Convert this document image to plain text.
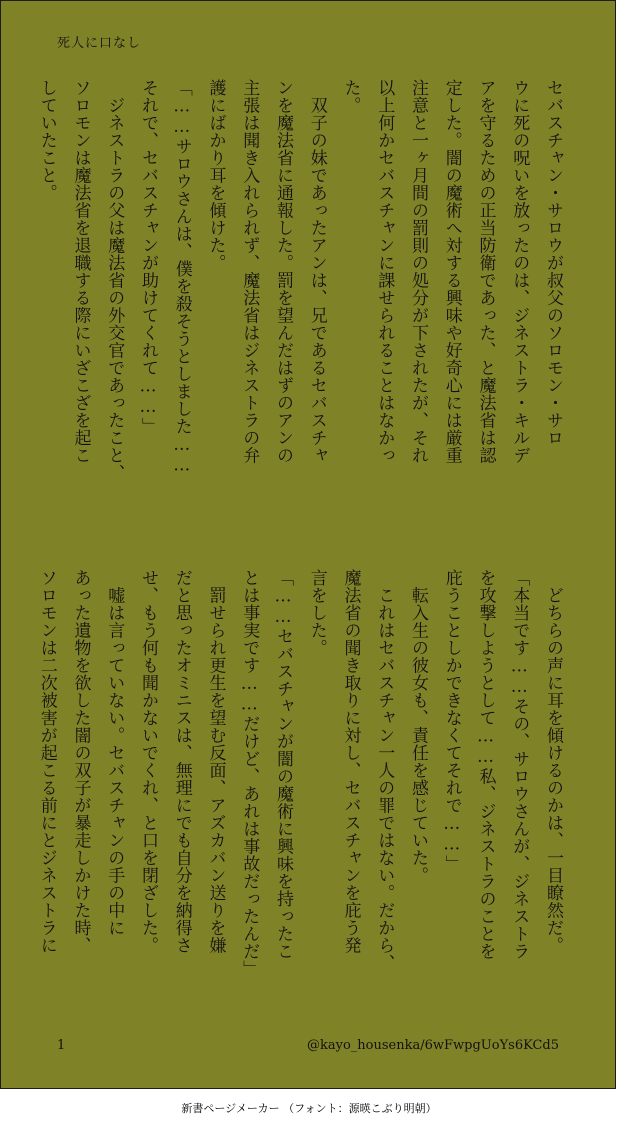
死人に口なし
セバスチャン・サロウが叔父のソロモン・サロ
ウに死の呪いを放ったのは、ジネストラ・キルデ
アを守るための正当防衛であった、と魔法省は認
定した。闇の魔術へ対する興味や好奇心には厳重
注意と一ヶ月間の罰則の処分が下されたが、それ
以上何かセバスチャンに課せられることはなかっ
た。
　双子の妹であったアンは、兄であるセバスチャ
ンを魔法省に通報した。罰を望んだはずのアンの
主張は聞き入れられず、魔法省はジネストラの弁
護にばかり耳を傾けた。
「……サロウさんは、僕を殺そうとしました……
それで、セバスチャンが助けてくれて……」
　ジネストラの父は魔法省の外交官であったこと、
ソロモンは魔法省を退職する際にいざこざを起こ
していたこと。
　どちらの声に耳を傾けるのかは、一目瞭然だ。
「本当です……その、サロウさんが、ジネストラ
を攻撃しようとして……私、ジネストラのことを
庇うことしかできなくてそれで……」
　転入生の彼女も、責任を感じていた。
　これはセバスチャン一人の罪ではない。だから、
魔法省の聞き取りに対し、セバスチャンを庇う発
言をした。
「……セバスチャンが闇の魔術に興味を持ったこ
とは事実です……だけど、あれは事故だったんだ」
　罰せられ更生を望む反面、アズカバン送りを嫌
だと思ったオミニスは、無理にでも自分を納得さ
せ、もう何も聞かないでくれ、と口を閉ざした。
　嘘は言っていない。セバスチャンの手の中に
あった遺物を欲した闇の双子が暴走しかけた時、
ソロモンは二次被害が起こる前にとジネストラに
1	@kayo_housenka/6wFwpgUoYs6KCd5
新書ページメーカー （フォント：源暎こぶり明朝）
